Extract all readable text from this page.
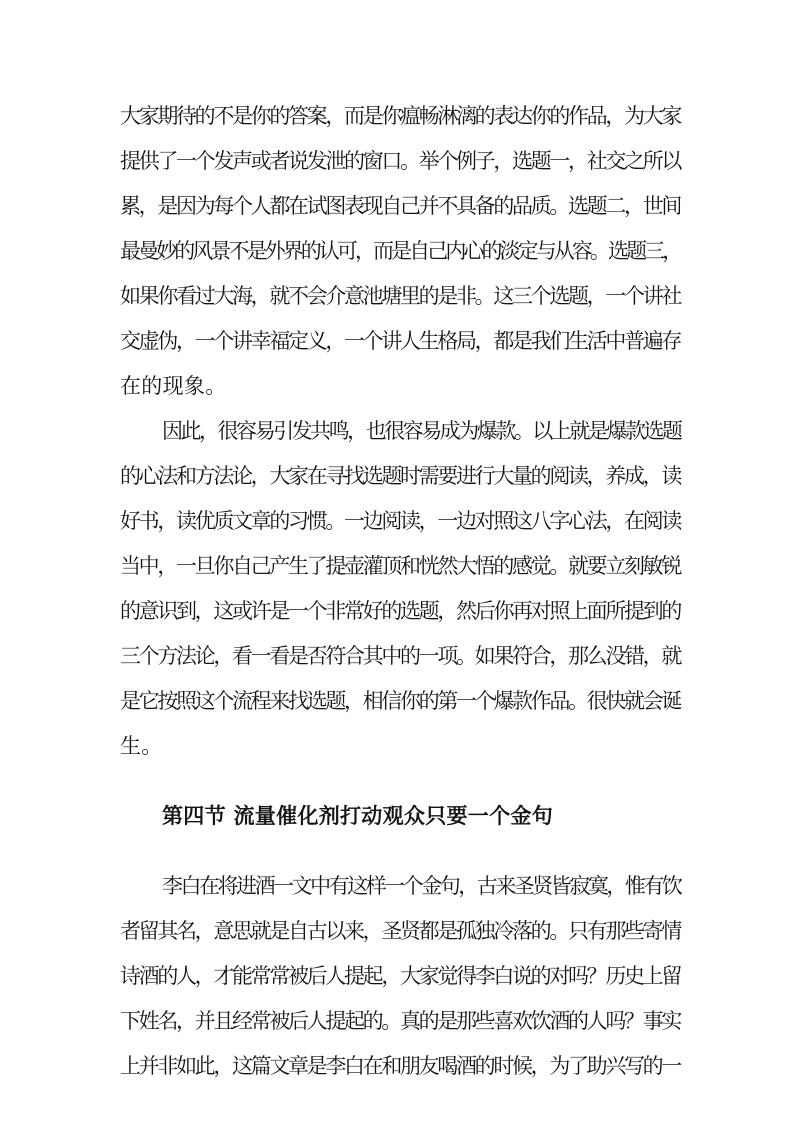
大家期待的不是你的答案，而是你瘟畅淋漓的表达你的作品，为大家
提供了一个发声或者说发泄的窗口。举个例子，选题一，社交之所以
累，是因为每个人都在试图表现自己并不具备的品质。选题二，世间
最曼妙的风景不是外界的认可，而是自己内心的淡定与从容。选题三，
如果你看过大海，就不会介意池塘里的是非。这三个选题，一个讲社
交虚伪，一个讲幸福定义，一个讲人生格局，都是我们生活中普遍存
在的现象。
因此，很容易引发共鸣，也很容易成为爆款。以上就是爆款选题
的心法和方法论，大家在寻找选题时需要进行大量的阅读，养成，读
好书，读优质文章的习惯。一边阅读，一边对照这八字心法，在阅读
当中，一旦你自己产生了提壶灌顶和恍然大悟的感觉。就要立刻敏锐
的意识到，这或许是一个非常好的选题，然后你再对照上面所提到的
三个方法论，看一看是否符合其中的一项。如果符合，那么没错，就
是它按照这个流程来找选题，相信你的第一个爆款作品。很快就会诞
生。
第四节 流量催化剂打动观众只要一个金句
李白在将进酒一文中有这样一个金句，古来圣贤皆寂寞，惟有饮
者留其名，意思就是自古以来，圣贤都是孤独冷落的。只有那些寄情
诗酒的人，才能常常被后人提起，大家觉得李白说的对吗？历史上留
下姓名，并且经常被后人提起的。真的是那些喜欢饮酒的人吗？事实
上并非如此，这篇文章是李白在和朋友喝酒的时候，为了助兴写的一
